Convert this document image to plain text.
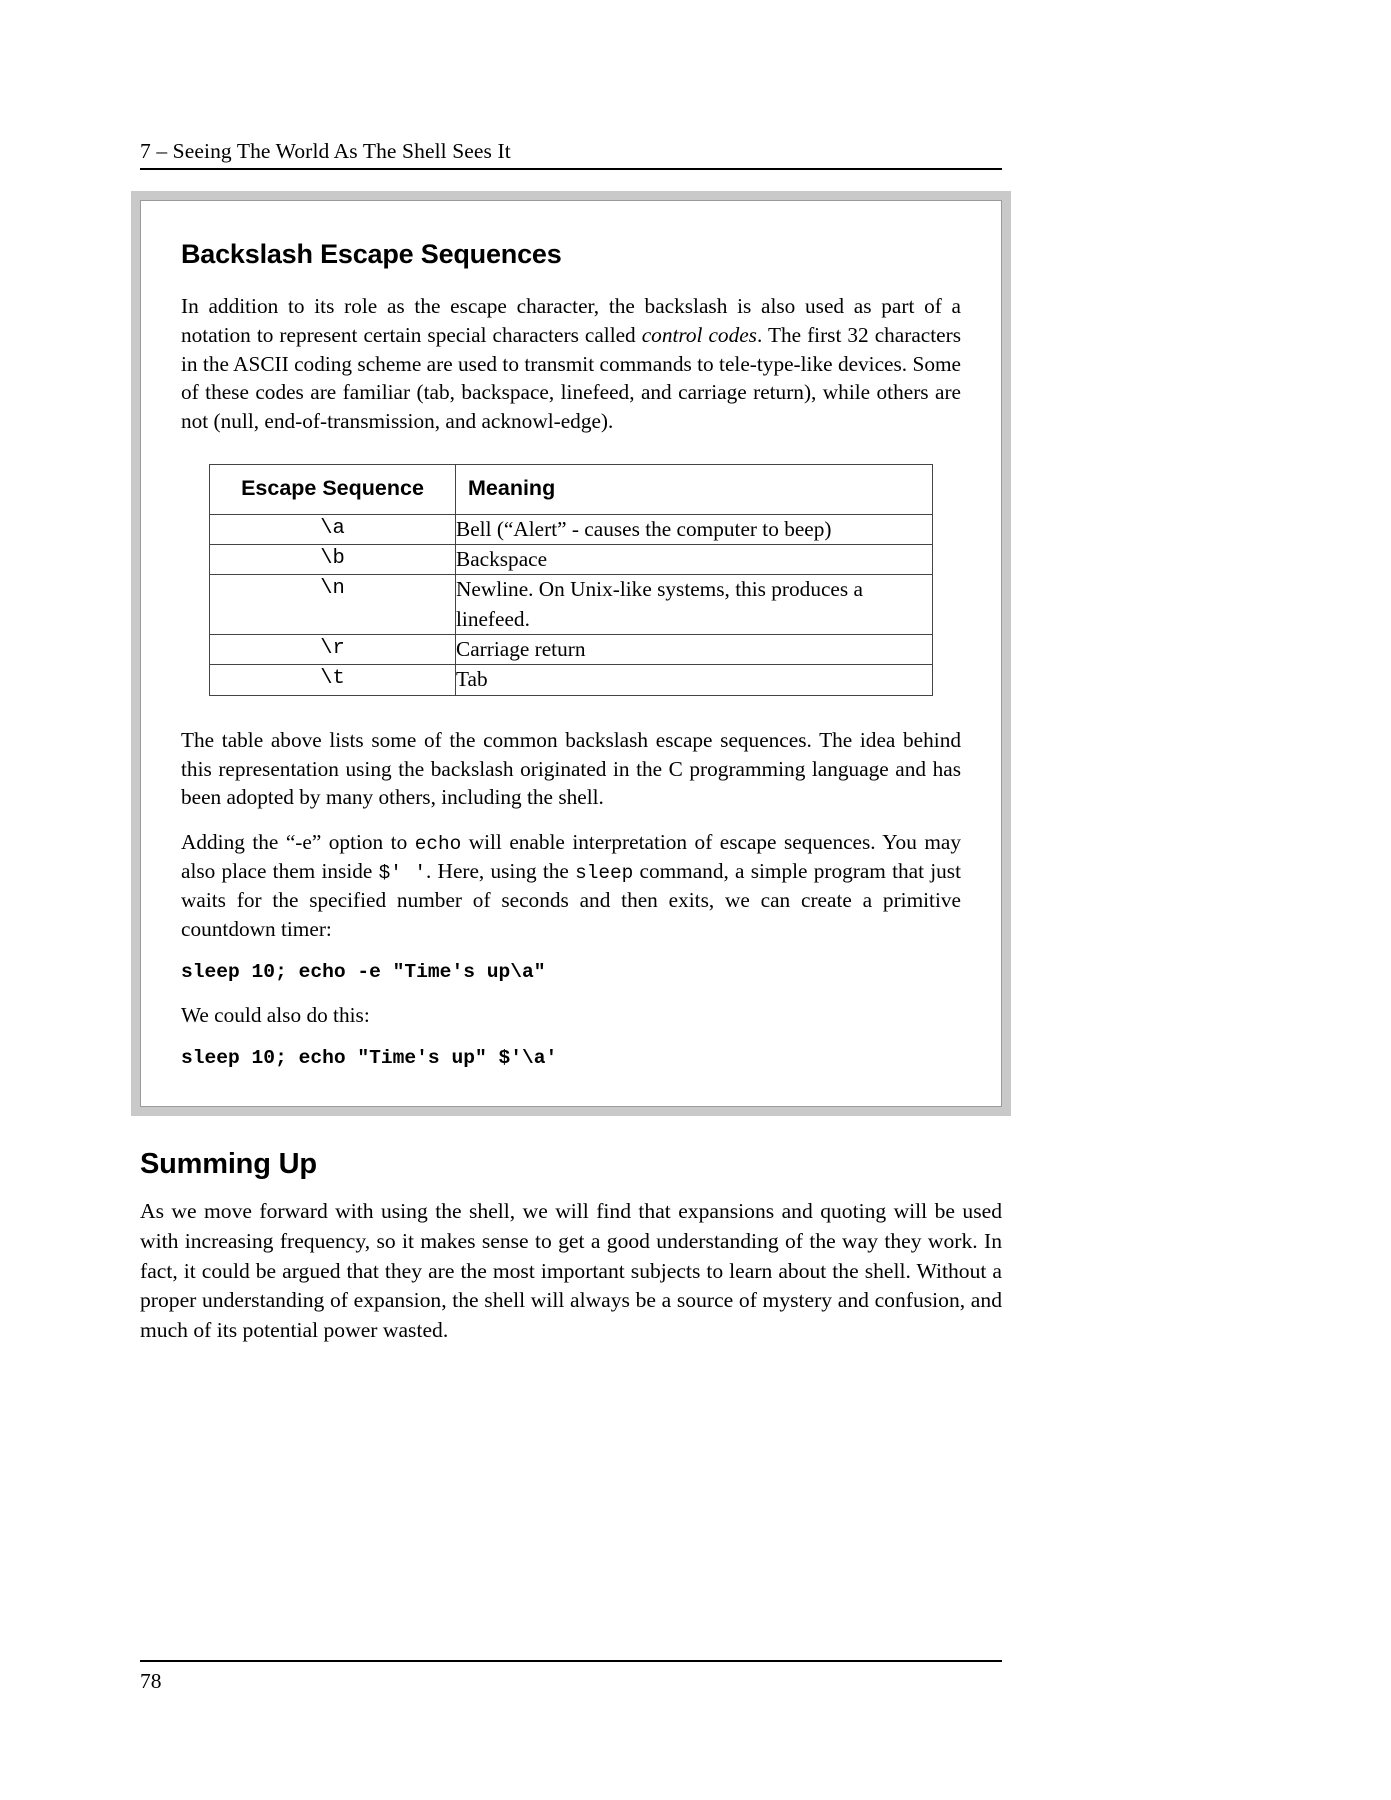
7 – Seeing The World As The Shell Sees It
Backslash Escape Sequences

In addition to its role as the escape character, the backslash is also used as part of a notation to represent certain special characters called control codes. The first 32 characters in the ASCII coding scheme are used to transmit commands to tele-type-like devices. Some of these codes are familiar (tab, backspace, linefeed, and carriage return), while others are not (null, end-of-transmission, and acknowl-edge).

Escape Sequence	Meaning
\a	Bell (“Alert” - causes the computer to beep)
\b	Backspace
\n	Newline. On Unix-like systems, this produces a linefeed.
\r	Carriage return
\t	Tab

The table above lists some of the common backslash escape sequences. The idea behind this representation using the backslash originated in the C programming language and has been adopted by many others, including the shell.

Adding the “-e” option to echo will enable interpretation of escape sequences. You may also place them inside $' '. Here, using the sleep command, a simple program that just waits for the specified number of seconds and then exits, we can create a primitive countdown timer:

sleep 10; echo -e "Time's up\a"

We could also do this:

sleep 10; echo "Time's up" $'\a'
Summing Up

As we move forward with using the shell, we will find that expansions and quoting will be used with increasing frequency, so it makes sense to get a good understanding of the way they work. In fact, it could be argued that they are the most important subjects to learn about the shell. Without a proper understanding of expansion, the shell will always be a source of mystery and confusion, and much of its potential power wasted.

78
